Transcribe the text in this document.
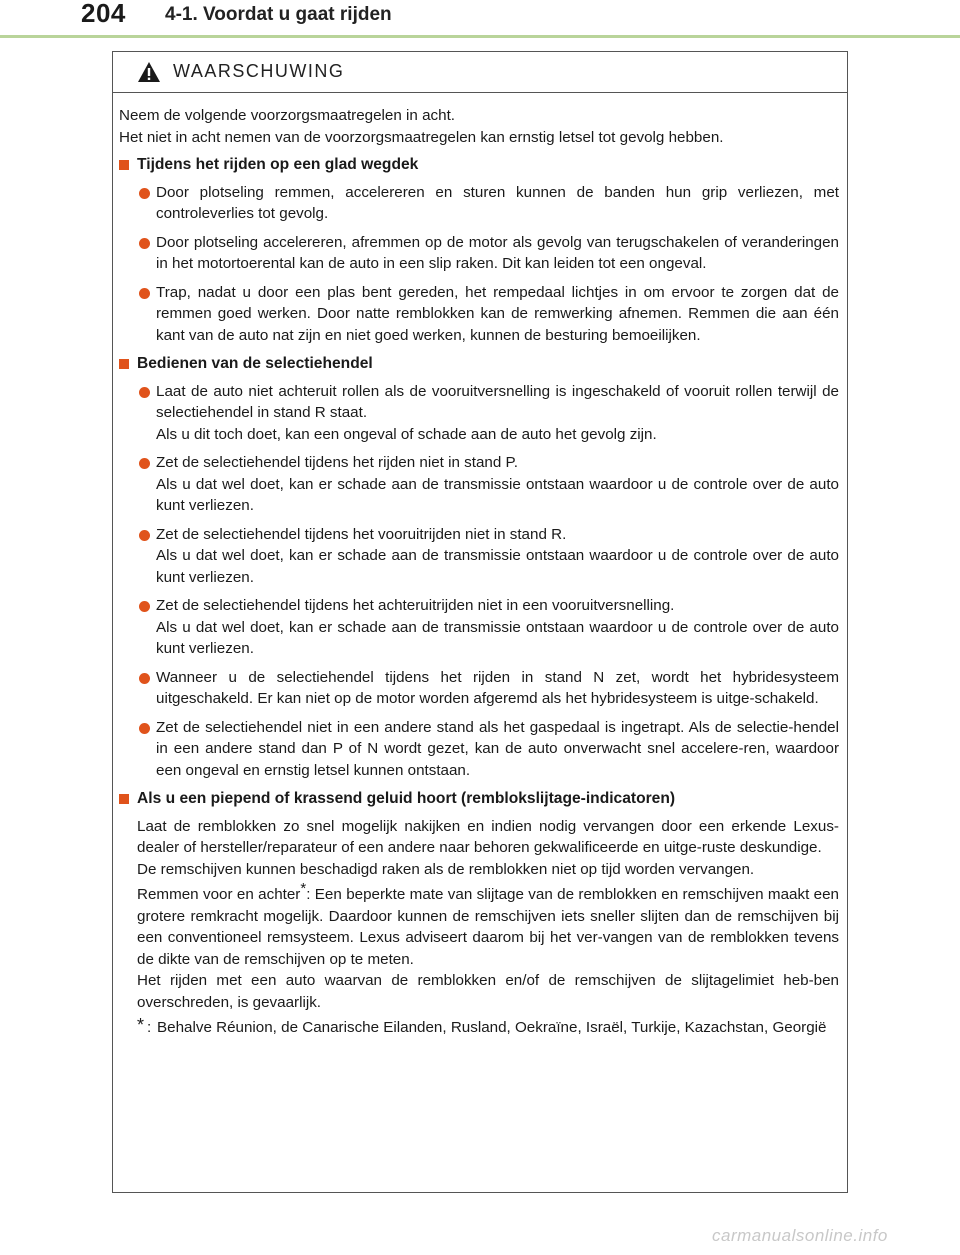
204 4-1. Voordat u gaat rijden
WAARSCHUWING

Neem de volgende voorzorgsmaatregelen in acht.

Het niet in acht nemen van de voorzorgsmaatregelen kan ernstig letsel tot gevolg hebben.

Tijdens het rijden op een glad wegdek
Door plotseling remmen, accelereren en sturen kunnen de banden hun grip verliezen, met controleverlies tot gevolg.
Door plotseling accelereren, afremmen op de motor als gevolg van terugschakelen of veranderingen in het motortoerental kan de auto in een slip raken. Dit kan leiden tot een ongeval.
Trap, nadat u door een plas bent gereden, het rempedaal lichtjes in om ervoor te zorgen dat de remmen goed werken. Door natte remblokken kan de remwerking afnemen. Remmen die aan één kant van de auto nat zijn en niet goed werken, kunnen de besturing bemoeilijken.
Bedienen van de selectiehendel
Laat de auto niet achteruit rollen als de vooruitversnelling is ingeschakeld of vooruit rollen terwijl de selectiehendel in stand R staat.
Als u dit toch doet, kan een ongeval of schade aan de auto het gevolg zijn.
Zet de selectiehendel tijdens het rijden niet in stand P.
Als u dat wel doet, kan er schade aan de transmissie ontstaan waardoor u de controle over de auto kunt verliezen.
Zet de selectiehendel tijdens het vooruitrijden niet in stand R.
Als u dat wel doet, kan er schade aan de transmissie ontstaan waardoor u de controle over de auto kunt verliezen.
Zet de selectiehendel tijdens het achteruitrijden niet in een vooruitversnelling.
Als u dat wel doet, kan er schade aan de transmissie ontstaan waardoor u de controle over de auto kunt verliezen.
Wanneer u de selectiehendel tijdens het rijden in stand N zet, wordt het hybridesysteem uitgeschakeld. Er kan niet op de motor worden afgeremd als het hybridesysteem is uitge-schakeld.
Zet de selectiehendel niet in een andere stand als het gaspedaal is ingetrapt. Als de selectie-hendel in een andere stand dan P of N wordt gezet, kan de auto onverwacht snel accelere-ren, waardoor een ongeval en ernstig letsel kunnen ontstaan.
Als u een piepend of krassend geluid hoort (remblokslijtage-indicatoren)

Laat de remblokken zo snel mogelijk nakijken en indien nodig vervangen door een erkende Lexus-dealer of hersteller/reparateur of een andere naar behoren gekwalificeerde en uitge-ruste deskundige.

De remschijven kunnen beschadigd raken als de remblokken niet op tijd worden vervangen.

Remmen voor en achter*: Een beperkte mate van slijtage van de remblokken en remschijven maakt een grotere remkracht mogelijk. Daardoor kunnen de remschijven iets sneller slijten dan de remschijven bij een conventioneel remsysteem. Lexus adviseert daarom bij het ver-vangen van de remblokken tevens de dikte van de remschijven op te meten.

Het rijden met een auto waarvan de remblokken en/of de remschijven de slijtagelimiet heb-ben overschreden, is gevaarlijk.

* : Behalve Réunion, de Canarische Eilanden, Rusland, Oekraïne, Israël, Turkije, Kazachstan, Georgië
carmanualsonline.info
